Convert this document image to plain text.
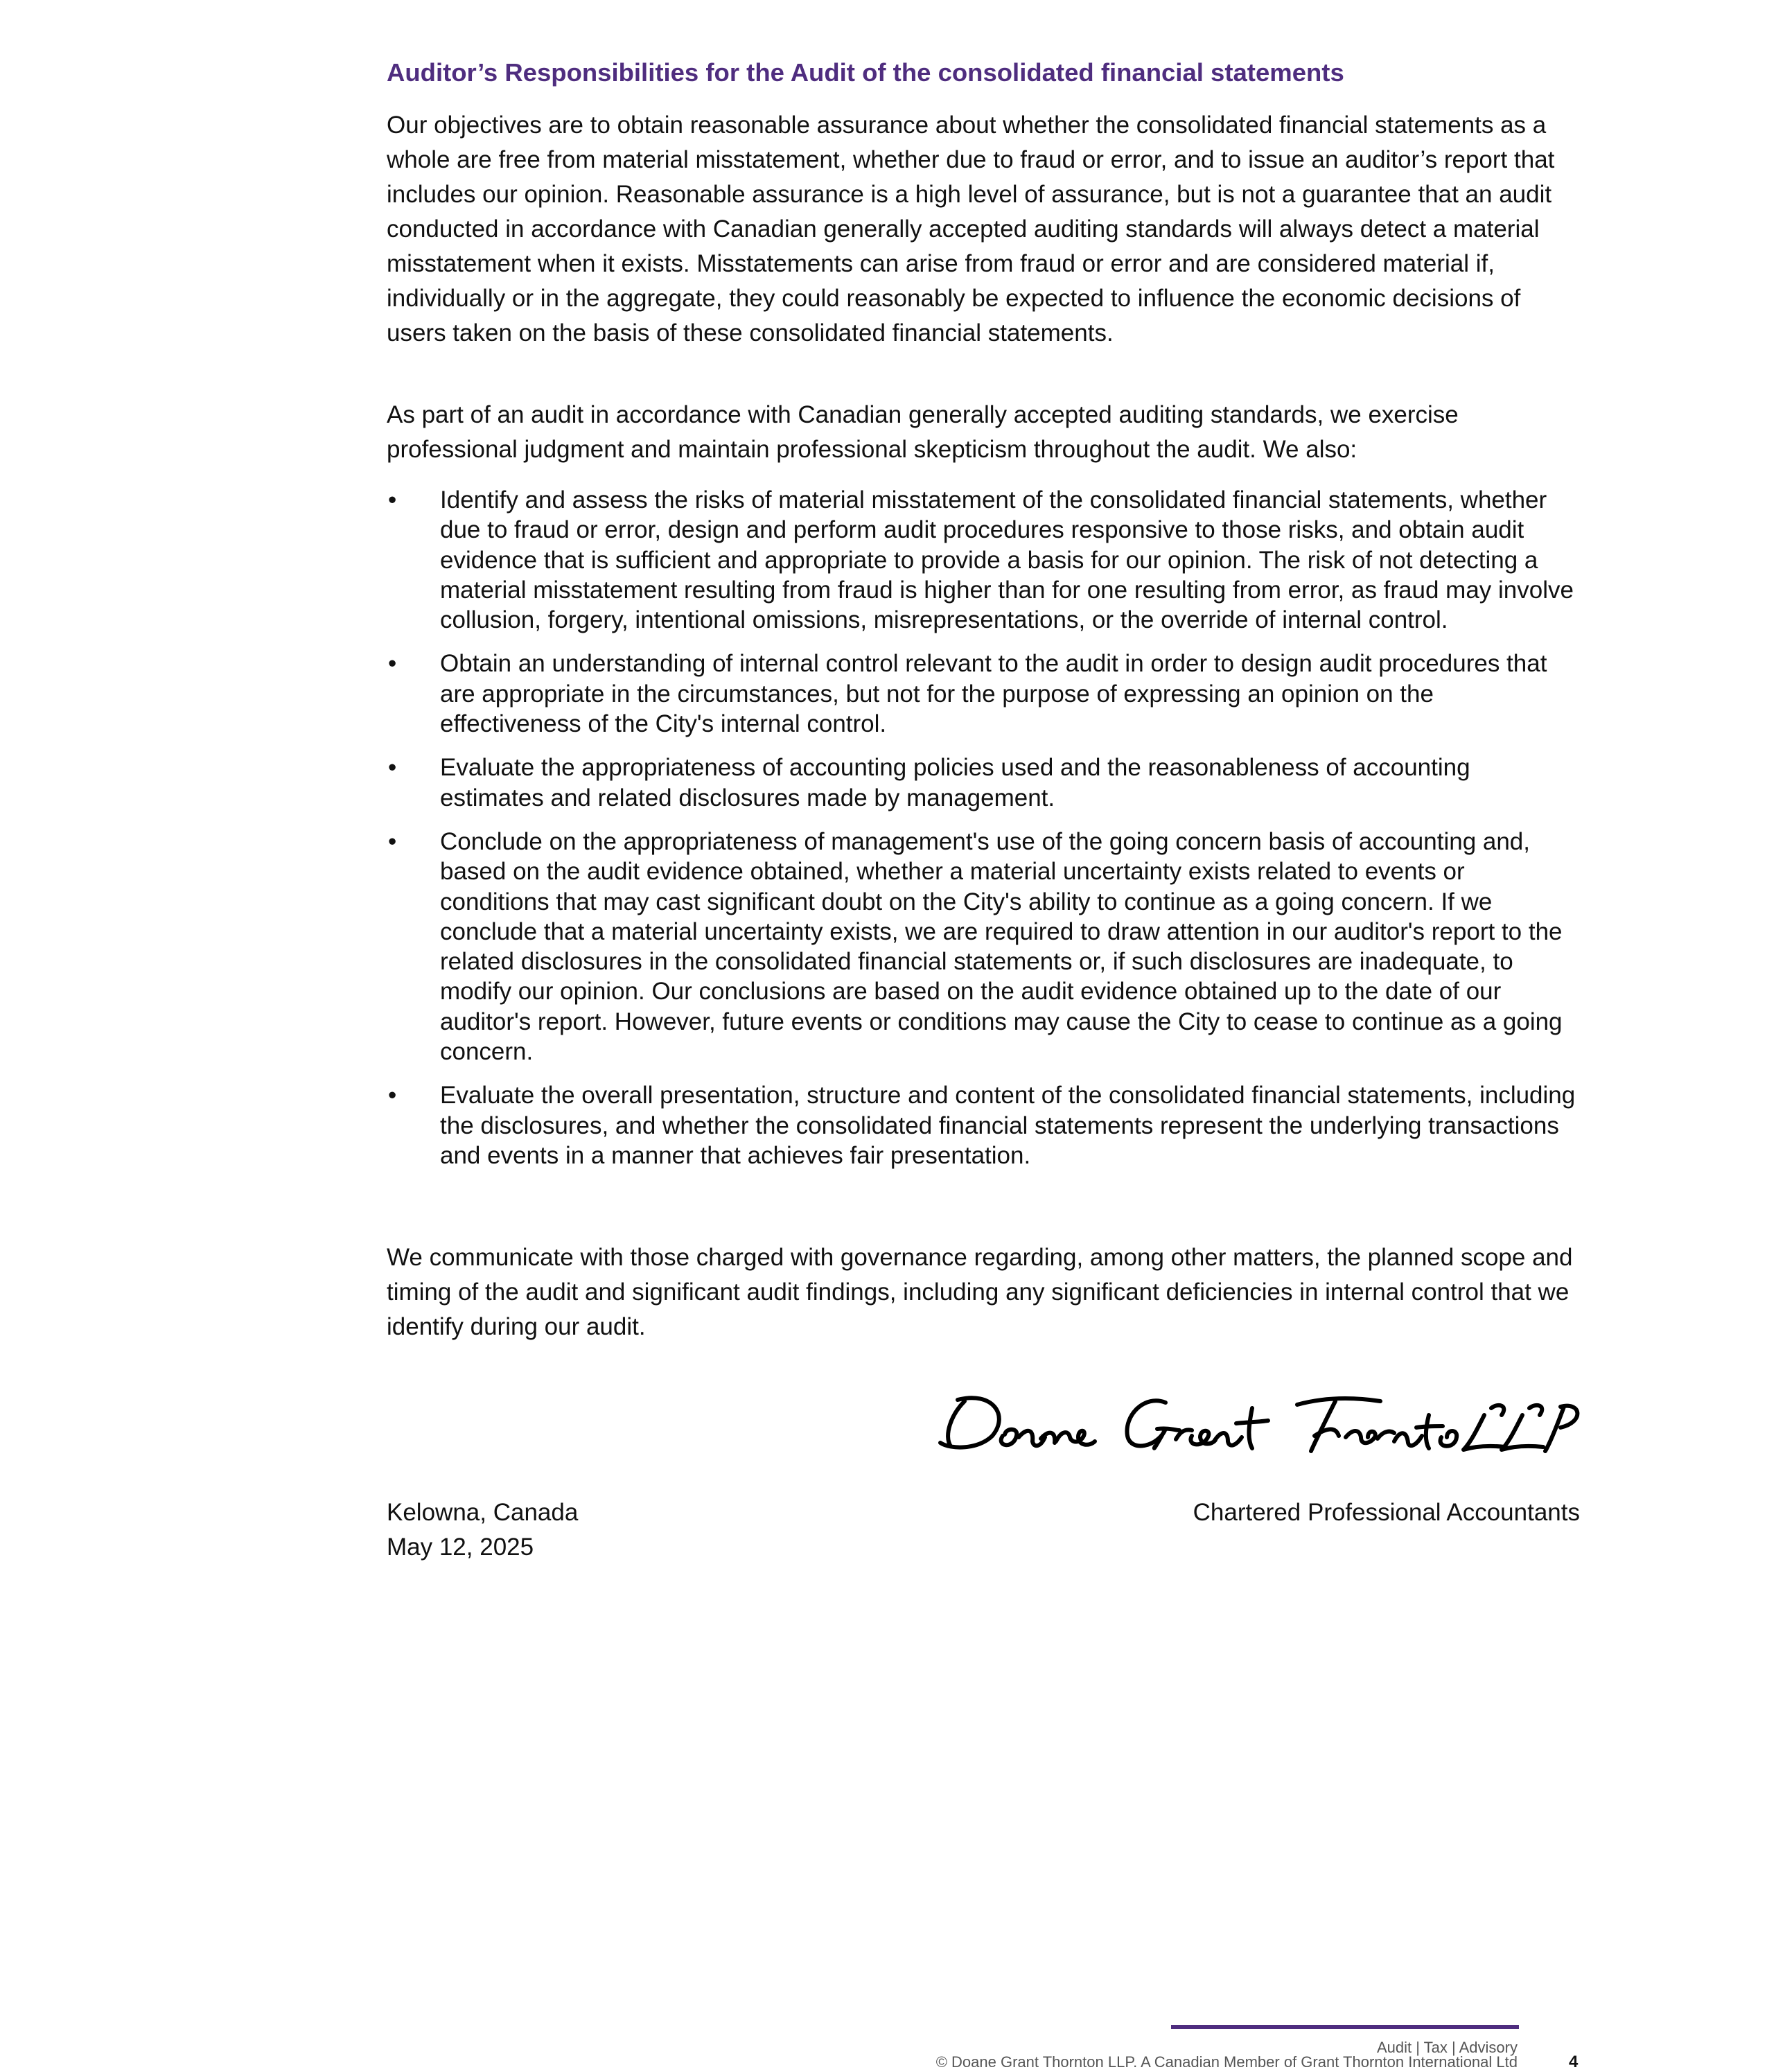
Auditor’s Responsibilities for the Audit of the consolidated financial statements

Our objectives are to obtain reasonable assurance about whether the consolidated financial statements as a whole are free from material misstatement, whether due to fraud or error, and to issue an auditor’s report that includes our opinion. Reasonable assurance is a high level of assurance, but is not a guarantee that an audit conducted in accordance with Canadian generally accepted auditing standards will always detect a material misstatement when it exists. Misstatements can arise from fraud or error and are considered material if, individually or in the aggregate, they could reasonably be expected to influence the economic decisions of users taken on the basis of these consolidated financial statements.

As part of an audit in accordance with Canadian generally accepted auditing standards, we exercise professional judgment and maintain professional skepticism throughout the audit. We also:

• Identify and assess the risks of material misstatement of the consolidated financial statements, whether due to fraud or error, design and perform audit procedures responsive to those risks, and obtain audit evidence that is sufficient and appropriate to provide a basis for our opinion. The risk of not detecting a material misstatement resulting from fraud is higher than for one resulting from error, as fraud may involve collusion, forgery, intentional omissions, misrepresentations, or the override of internal control.
• Obtain an understanding of internal control relevant to the audit in order to design audit procedures that are appropriate in the circumstances, but not for the purpose of expressing an opinion on the effectiveness of the City's internal control.
• Evaluate the appropriateness of accounting policies used and the reasonableness of accounting estimates and related disclosures made by management.
• Conclude on the appropriateness of management's use of the going concern basis of accounting and, based on the audit evidence obtained, whether a material uncertainty exists related to events or conditions that may cast significant doubt on the City's ability to continue as a going concern. If we conclude that a material uncertainty exists, we are required to draw attention in our auditor's report to the related disclosures in the consolidated financial statements or, if such disclosures are inadequate, to modify our opinion. Our conclusions are based on the audit evidence obtained up to the date of our auditor's report. However, future events or conditions may cause the City to cease to continue as a going concern.
• Evaluate the overall presentation, structure and content of the consolidated financial statements, including the disclosures, and whether the consolidated financial statements represent the underlying transactions and events in a manner that achieves fair presentation.

We communicate with those charged with governance regarding, among other matters, the planned scope and timing of the audit and significant audit findings, including any significant deficiencies in internal control that we identify during our audit.

Kelowna, Canada
May 12, 2025
Chartered Professional Accountants
Audit | Tax | Advisory
© Doane Grant Thornton LLP. A Canadian Member of Grant Thornton International Ltd	4
